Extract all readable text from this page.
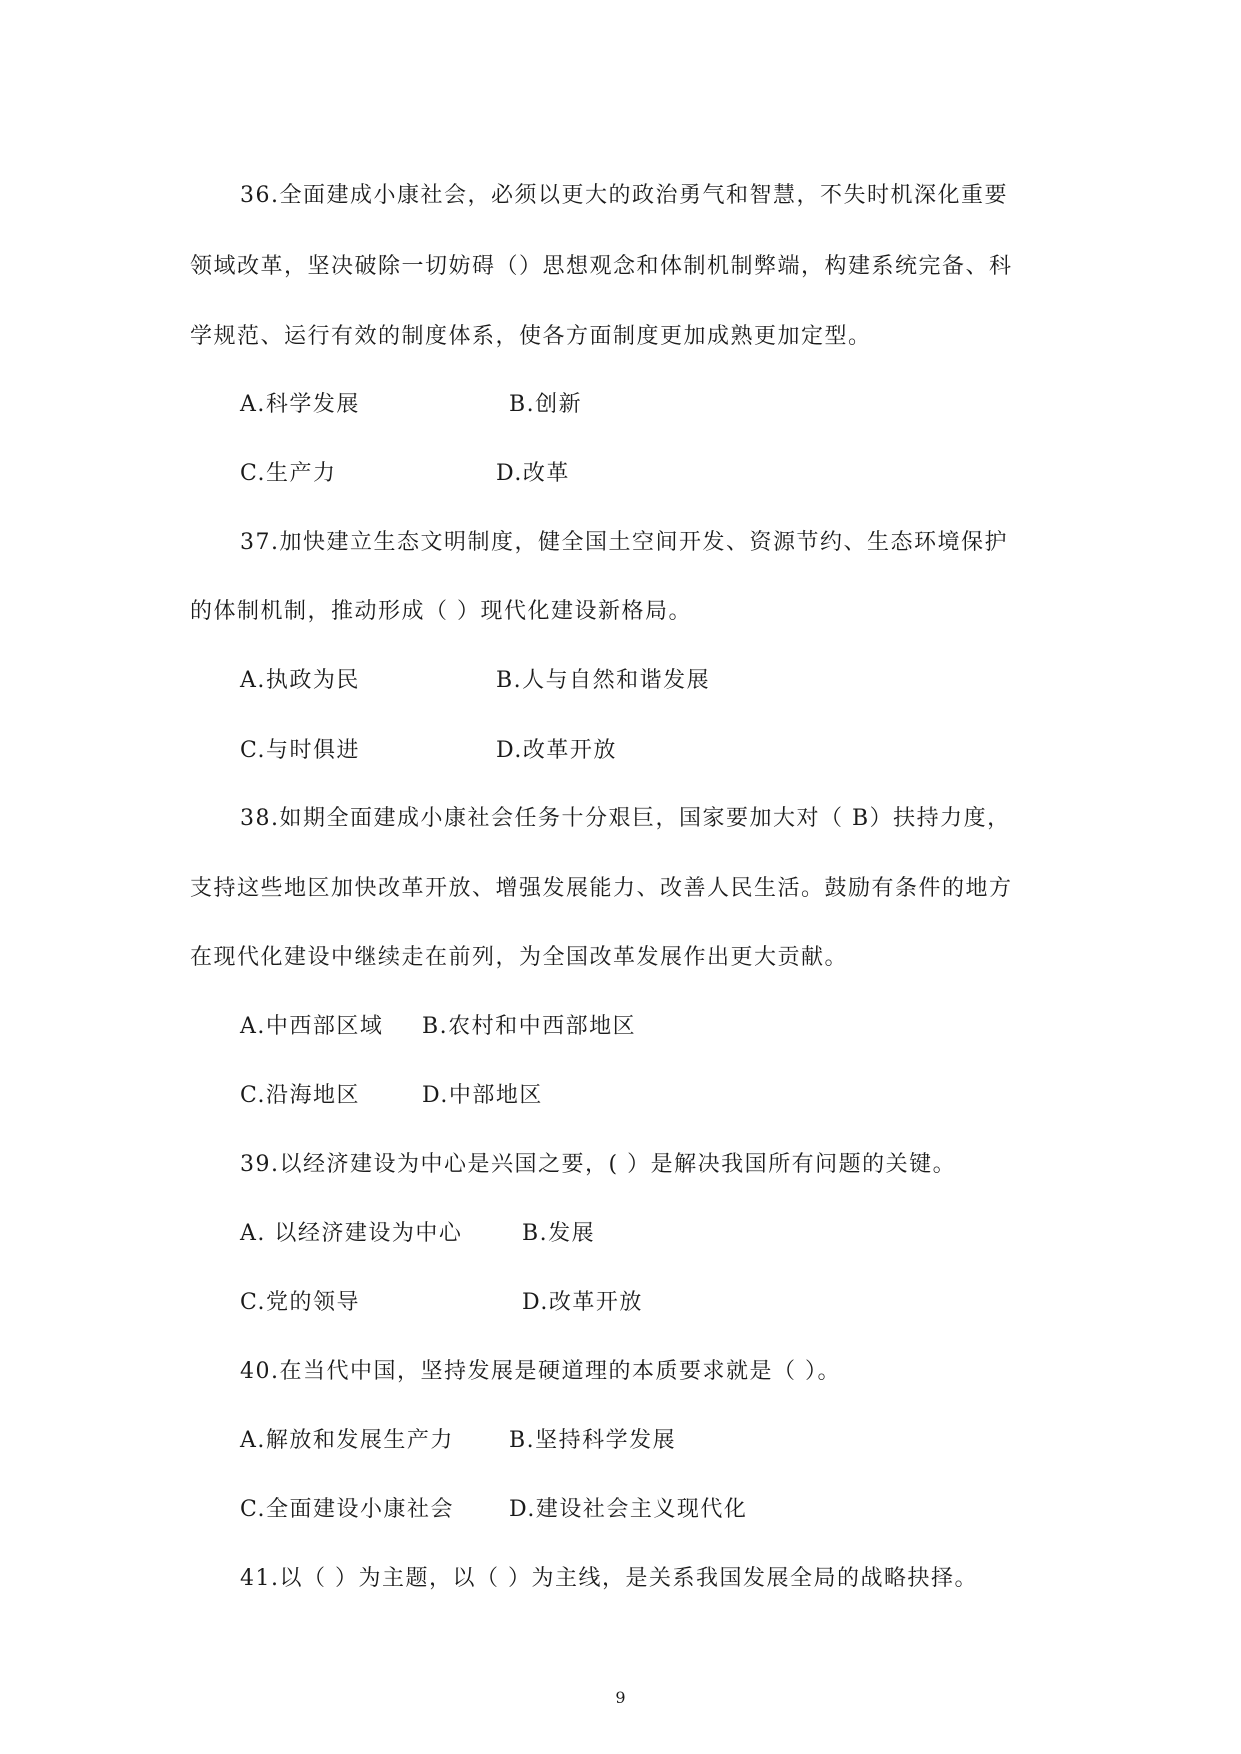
36.全面建成小康社会，必须以更大的政治勇气和智慧，不失时机深化重要
领域改革，坚决破除一切妨碍（）思想观念和体制机制弊端，构建系统完备、科
学规范、运行有效的制度体系，使各方面制度更加成熟更加定型。
A.科学发展	B.创新
C.生产力	D.改革
37.加快建立生态文明制度，健全国土空间开发、资源节约、生态环境保护
的体制机制，推动形成（ ）现代化建设新格局。
A.执政为民	B.人与自然和谐发展
C.与时俱进	D.改革开放
38.如期全面建成小康社会任务十分艰巨，国家要加大对（ B）扶持力度，
支持这些地区加快改革开放、增强发展能力、改善人民生活。鼓励有条件的地方
在现代化建设中继续走在前列，为全国改革发展作出更大贡献。
A.中西部区域 B.农村和中西部地区
C.沿海地区	D.中部地区
39.以经济建设为中心是兴国之要，( ）是解决我国所有问题的关键。
A. 以经济建设为中心	B.发展
C.党的领导	D.改革开放
40.在当代中国，坚持发展是硬道理的本质要求就是（ ）。
A.解放和发展生产力	B.坚持科学发展
C.全面建设小康社会 D.建设社会主义现代化
41.以（ ）为主题，以（ ）为主线，是关系我国发展全局的战略抉择。
9
